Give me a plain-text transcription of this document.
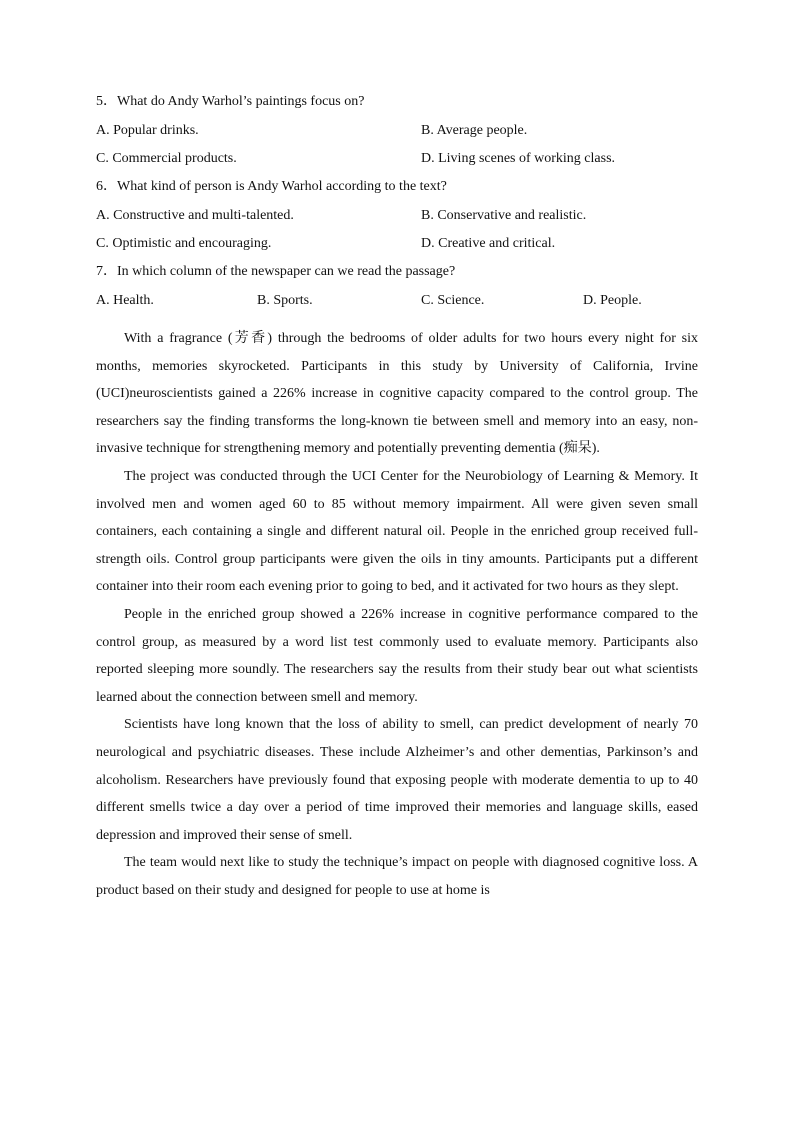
5． What do Andy Warhol’s paintings focus on?
A. Popular drinks.	B. Average people.
C. Commercial products.	D. Living scenes of working class.
6． What kind of person is Andy Warhol according to the text?
A. Constructive and multi-talented.	B. Conservative and realistic.
C. Optimistic and encouraging.	D. Creative and critical.
7． In which column of the newspaper can we read the passage?
A. Health.	B. Sports.	C. Science.	D. People.

With a fragrance (芳香) through the bedrooms of older adults for two hours every night for six months, memories skyrocketed. Participants in this study by University of California, Irvine (UCI)neuroscientists gained a 226% increase in cognitive capacity compared to the control group. The researchers say the finding transforms the long-known tie between smell and memory into an easy, non-invasive technique for strengthening memory and potentially preventing dementia (痴呆).

The project was conducted through the UCI Center for the Neurobiology of Learning & Memory. It involved men and women aged 60 to 85 without memory impairment. All were given seven small containers, each containing a single and different natural oil. People in the enriched group received full-strength oils. Control group participants were given the oils in tiny amounts. Participants put a different container into their room each evening prior to going to bed, and it activated for two hours as they slept.

People in the enriched group showed a 226% increase in cognitive performance compared to the control group, as measured by a word list test commonly used to evaluate memory. Participants also reported sleeping more soundly. The researchers say the results from their study bear out what scientists learned about the connection between smell and memory.

Scientists have long known that the loss of ability to smell, can predict development of nearly 70 neurological and psychiatric diseases. These include Alzheimer’s and other dementias, Parkinson’s and alcoholism. Researchers have previously found that exposing people with moderate dementia to up to 40 different smells twice a day over a period of time improved their memories and language skills, eased depression and improved their sense of smell.

The team would next like to study the technique’s impact on people with diagnosed cognitive loss. A product based on their study and designed for people to use at home is
